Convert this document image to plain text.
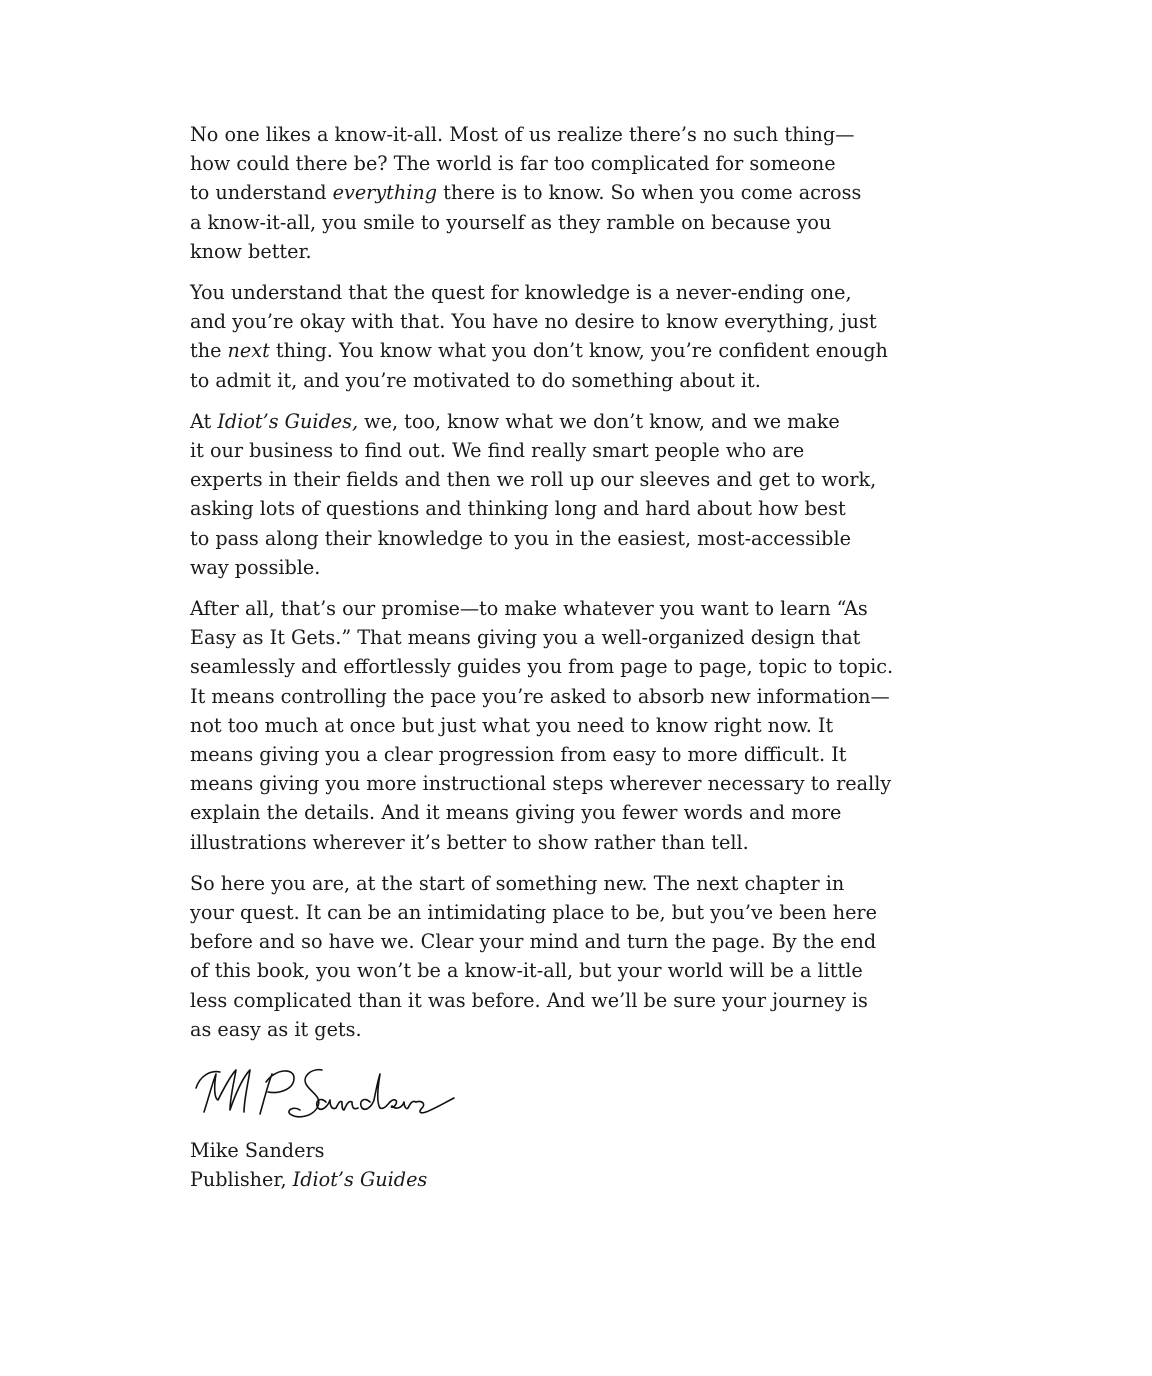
No one likes a know-it-all. Most of us realize there’s no such thing—
how could there be? The world is far too complicated for someone
to understand everything there is to know. So when you come across
a know-it-all, you smile to yourself as they ramble on because you
know better.

You understand that the quest for knowledge is a never-ending one,
and you’re okay with that. You have no desire to know everything, just
the next thing. You know what you don’t know, you’re confident enough
to admit it, and you’re motivated to do something about it.

At Idiot’s Guides, we, too, know what we don’t know, and we make
it our business to find out. We find really smart people who are
experts in their fields and then we roll up our sleeves and get to work,
asking lots of questions and thinking long and hard about how best
to pass along their knowledge to you in the easiest, most-accessible
way possible.

After all, that’s our promise—to make whatever you want to learn “As
Easy as It Gets.” That means giving you a well-organized design that
seamlessly and effortlessly guides you from page to page, topic to topic.
It means controlling the pace you’re asked to absorb new information—
not too much at once but just what you need to know right now. It
means giving you a clear progression from easy to more difficult. It
means giving you more instructional steps wherever necessary to really
explain the details. And it means giving you fewer words and more
illustrations wherever it’s better to show rather than tell.

So here you are, at the start of something new. The next chapter in
your quest. It can be an intimidating place to be, but you’ve been here
before and so have we. Clear your mind and turn the page. By the end
of this book, you won’t be a know-it-all, but your world will be a little
less complicated than it was before. And we’ll be sure your journey is
as easy as it gets.

Mike Sanders
Publisher, Idiot’s Guides
